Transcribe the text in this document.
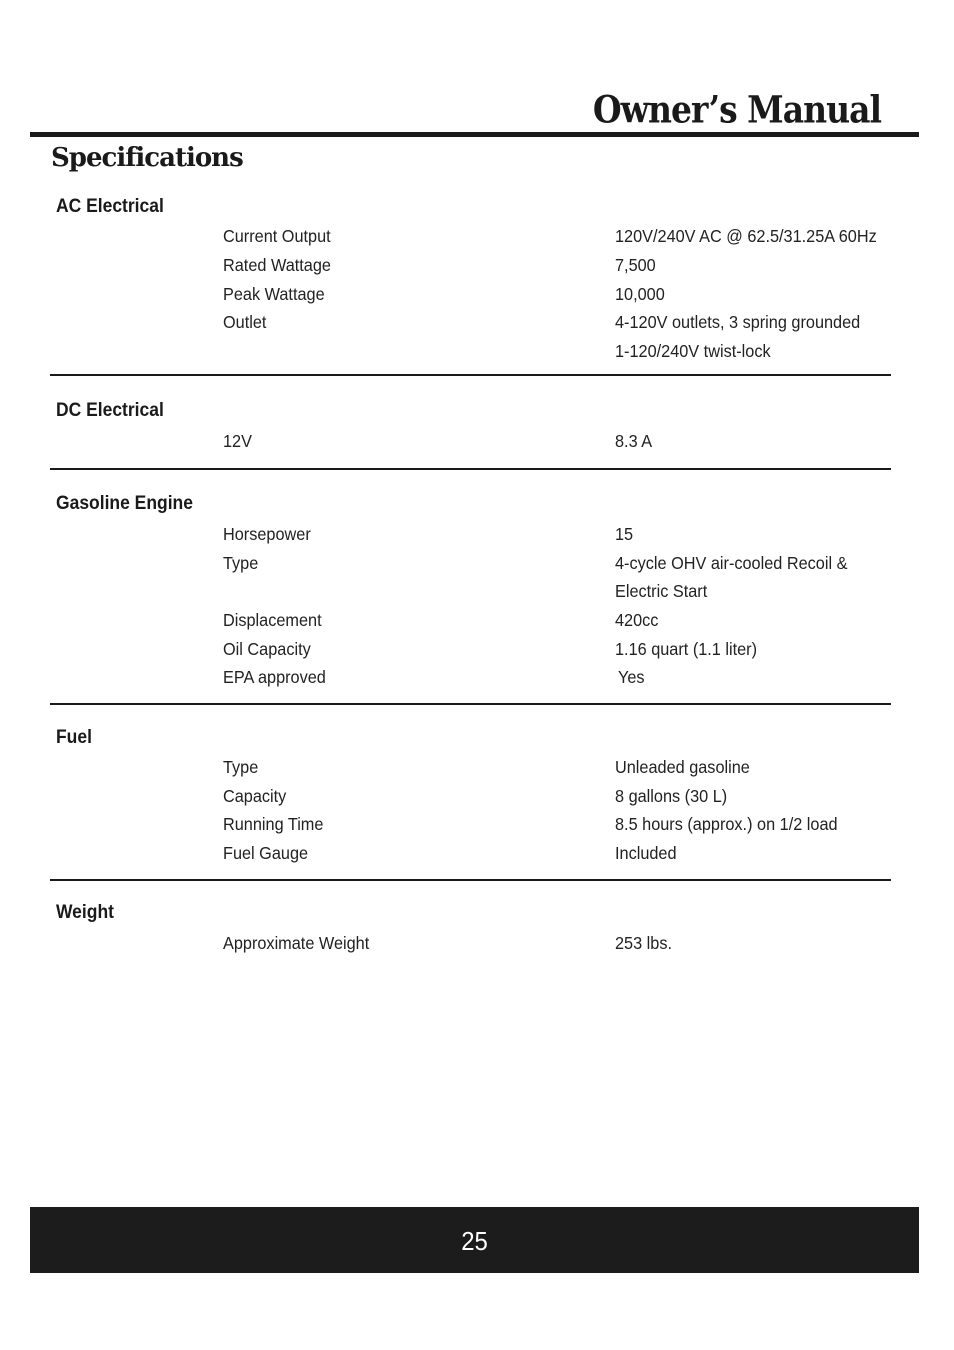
Owner’s Manual
Specifications
AC Electrical
Current Output	120V/240V AC @ 62.5/31.25A 60Hz
Rated Wattage	7,500
Peak Wattage	10,000
Outlet	4-120V outlets, 3 spring grounded
1-120/240V twist-lock
DC Electrical
12V	8.3 A
Gasoline Engine
Horsepower	15
Type	4-cycle OHV air-cooled Recoil &
Electric Start
Displacement	420cc
Oil Capacity	1.16 quart (1.1 liter)
EPA approved	Yes
Fuel
Type	Unleaded gasoline
Capacity	8 gallons (30 L)
Running Time	8.5 hours (approx.) on 1/2 load
Fuel Gauge	Included
Weight
Approximate Weight	253 lbs.
25
